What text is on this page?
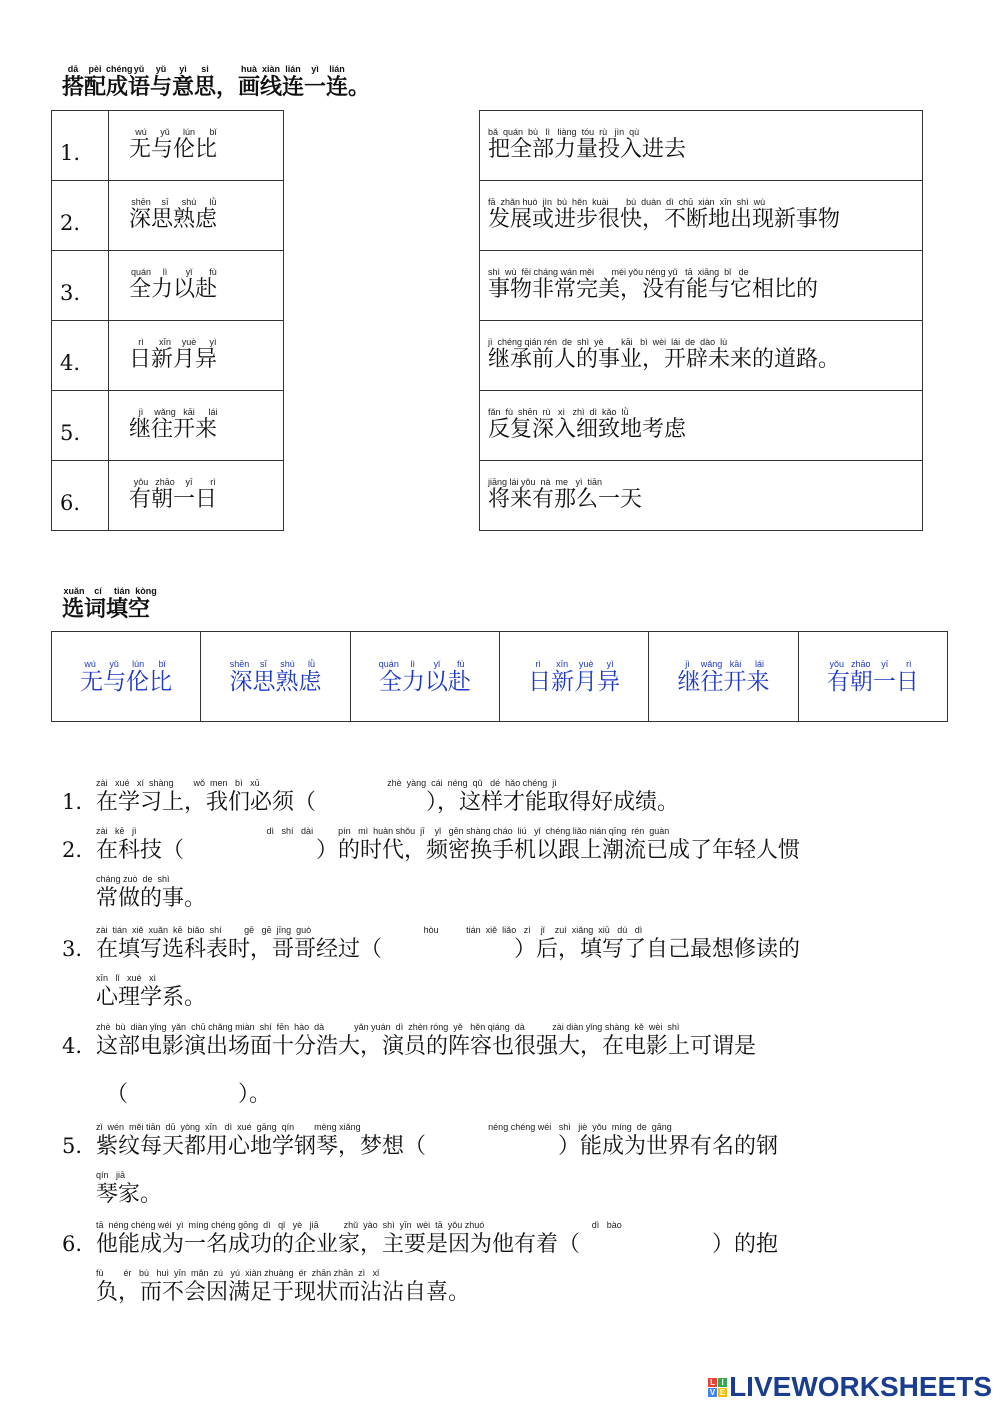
dā	pèi chéng yǔ	yǔ	yì	si	huà xiàn lián	yì	lián
搭配成语与意思，画线连一连。
1.	wú yǔ lún bǐ
无与伦比

2.	shēn sī shú lǜ
深思熟虑

3.	quán lì yǐ fù
全力以赴

4.	rì xīn yuè yì
日新月异

5.	jì wǎng kāi lái
继往开来

6.	yǒu zhāo yī rì
有朝一日
bǎ  quán  bù   lì   liàng  tóu  rù   jìn  qù
把全部力量投入进去

fā  zhǎn huò  jìn  bù  hěn  kuài       bù  duàn  dì  chū  xiàn  xīn  shì  wù
发展或进步很快，不断地出现新事物

shì  wù  fēi cháng wán měi       méi yǒu néng yǔ   tā  xiāng  bǐ   de
事物非常完美，没有能与它相比的

jì  chéng qián rén  de  shì  yè       kāi   bì  wèi  lái  de  dào  lù
继承前人的事业，开辟未来的道路。

fǎn  fù  shēn  rù   xì   zhì  dì  kǎo  lǜ
反复深入细致地考虑

jiāng lái yǒu  nà  me   yì  tiān
将来有那么一天
xuǎn	cí	tián kòng
选词填空
wú	yǔ	lún	bǐ
无与伦比

shēn	sī	shú	lǜ
深思熟虑

quán	lì	yǐ	fù
全力以赴

rì	xīn	yuè	yì
日新月异

jì	wǎng kāi	lái
继往开来

yǒu zhāo	yī	rì
有朝一日
1.
zài   xué   xí  shàng        wǒ  men   bì   xū                                                   zhè  yàng  cái  néng  qǔ   dé  hǎo chéng  jì
在学习上，我们必须（　　　　　），这样才能取得好成绩。
2.
zài   kē   jì                                                    dì   shí   dài          pín   mì  huàn shǒu  jī    yǐ   gēn shàng cháo  liú   yǐ  chéng liǎo nián qīng  rén  guàn
在科技（　　　　　　）的时代，频密换手机以跟上潮流已成了年轻人惯
cháng zuò  de  shì
常做的事。
3.
zài  tián  xiě  xuǎn  kē  biǎo  shí         gē   gē  jīng  guò                                             hòu           tián  xiě  liǎo   zì    jǐ    zuì  xiǎng  xiū   dú   dì
在填写选科表时，哥哥经过（　　　　　　）后，填写了自己最想修读的
xīn   lǐ   xué   xì
心理学系。
4.
zhè  bù  diàn yǐng  yǎn  chū chǎng miàn  shí  fēn  hào  dà            yǎn yuán  dì  zhèn róng  yě   hěn qiáng  dà           zài diàn yǐng shàng  kě  wèi  shì
这部电影演出场面十分浩大，演员的阵容也很强大，在电影上可谓是
（　　　　　）。
5.
zǐ  wén  měi tiān  dū  yòng  xīn   dì  xué  gāng  qín        mèng xiǎng                                                   néng chéng wéi   shì   jiè  yǒu  míng  de  gāng
紫纹每天都用心地学钢琴，梦想（　　　　　　）能成为世界有名的钢
qín   jiā
琴家。
6.
tā  néng chéng wéi  yì  míng chéng gōng  dì   qǐ   yè   jiā          zhǔ  yào  shì  yīn  wèi  tā  yǒu zhuó                                           dì   bào
他能成为一名成功的企业家，主要是因为他有着（　　　　　　）的抱
fù        ér   bù   huì  yīn  mǎn  zú   yú  xiàn zhuàng  ér  zhān zhān  zì   xǐ
负，而不会因满足于现状而沾沾自喜。
L I
V E LIVEWORKSHEETS
